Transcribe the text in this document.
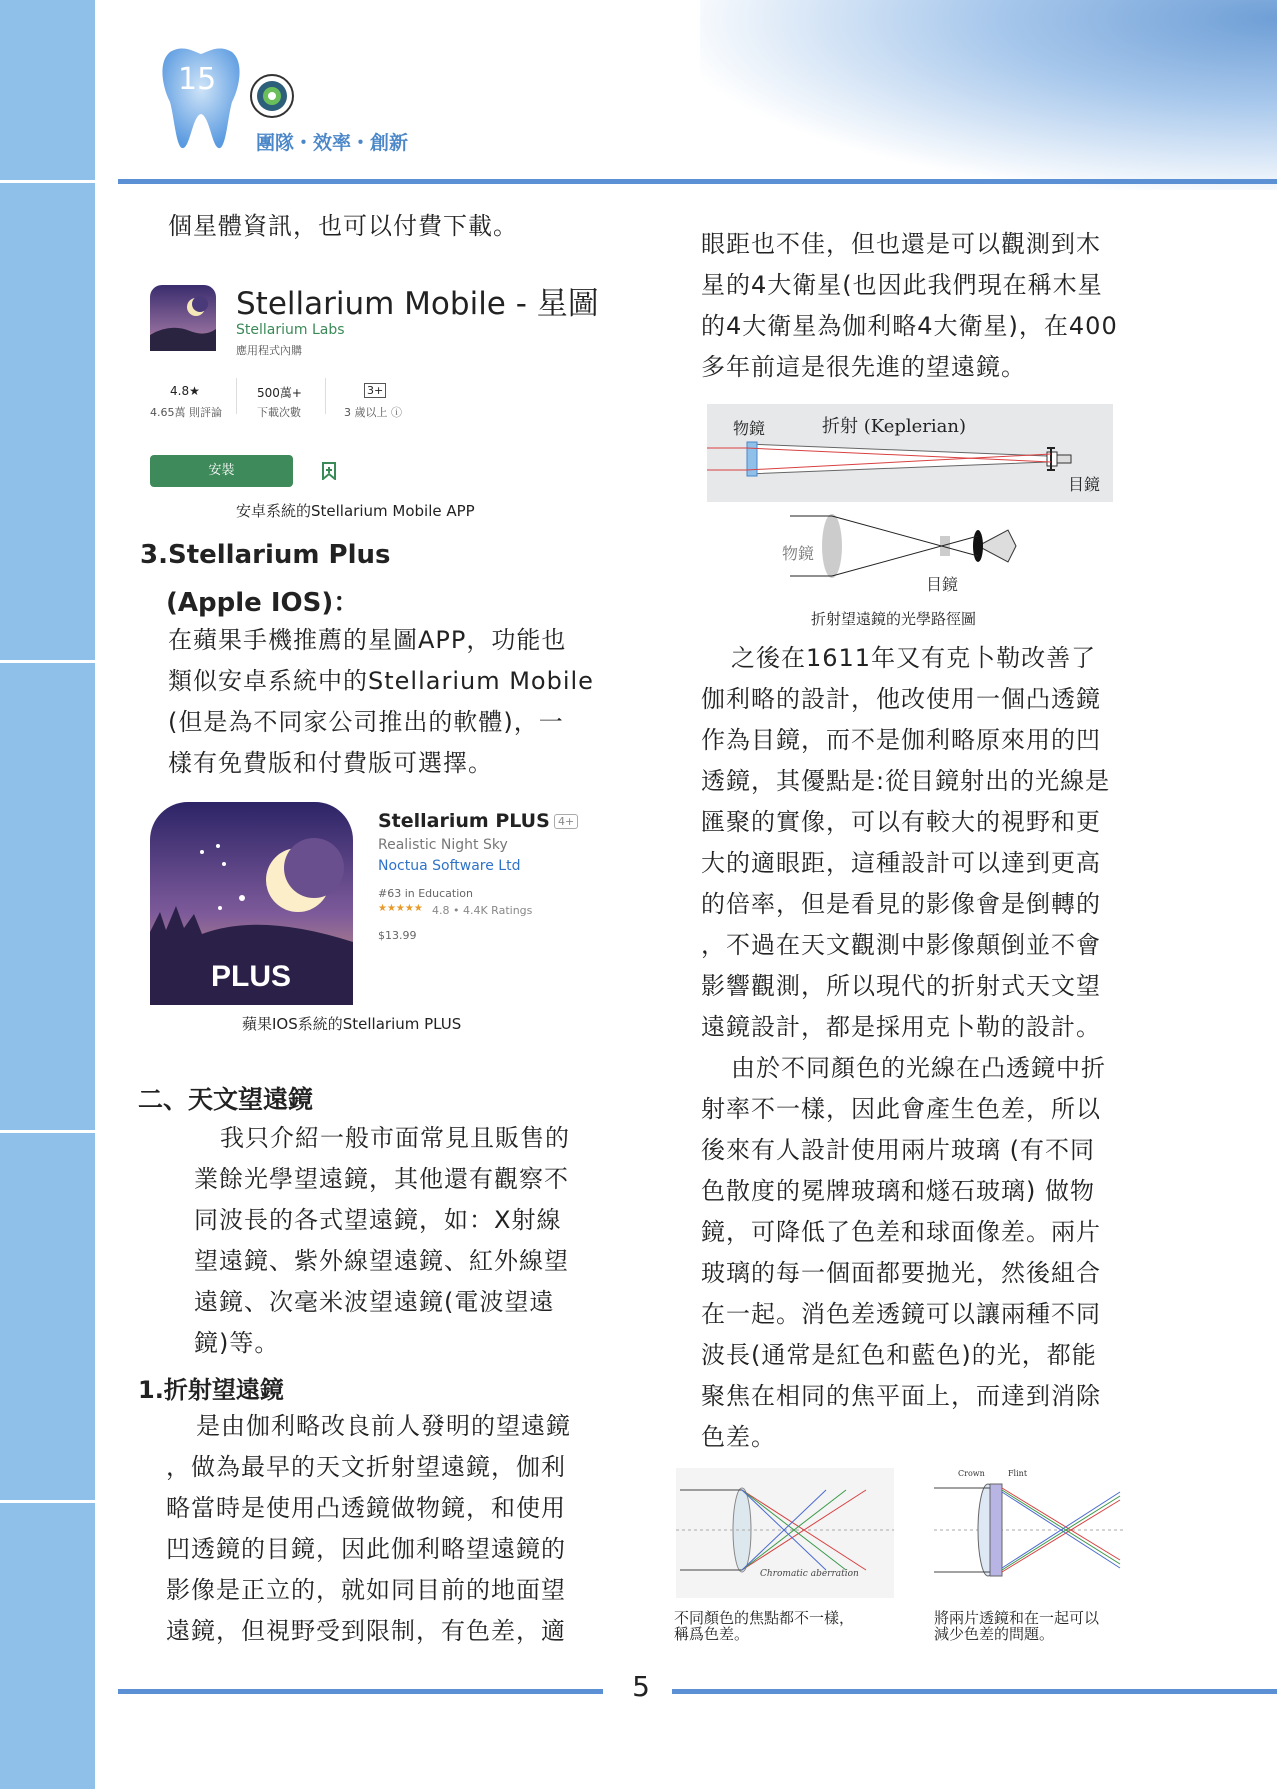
15
團隊・效率・創新
個星體資訊，也可以付費下載。
Stellarium Mobile - 星圖
Stellarium Labs
應用程式內購
4.8★
4.65萬 則評論
500萬+
下載次數
3+
3 歲以上 ⓘ
安裝
安卓系統的Stellarium Mobile APP
3.Stellarium Plus
(Apple IOS)：
在蘋果手機推薦的星圖APP，功能也
類似安卓系統中的Stellarium Mobile
(但是為不同家公司推出的軟體)，一
樣有免費版和付費版可選擇。
PLUS
Stellarium PLUS 4+
Realistic Night Sky
Noctua Software Ltd
#63 in Education
★★★★★ 4.8 • 4.4K Ratings
$13.99
蘋果IOS系統的Stellarium PLUS
二、天文望遠鏡
我只介紹一般市面常見且販售的
業餘光學望遠鏡，其他還有觀察不
同波長的各式望遠鏡，如：X射線
望遠鏡、紫外線望遠鏡、紅外線望
遠鏡、次毫米波望遠鏡(電波望遠
鏡)等。
1.折射望遠鏡
是由伽利略改良前人發明的望遠鏡
，做為最早的天文折射望遠鏡，伽利
略當時是使用凸透鏡做物鏡，和使用
凹透鏡的目鏡，因此伽利略望遠鏡的
影像是正立的，就如同目前的地面望
遠鏡，但視野受到限制，有色差，適
眼距也不佳，但也還是可以觀測到木
星的4大衛星(也因此我們現在稱木星
的4大衛星為伽利略4大衛星)，在400
多年前這是很先進的望遠鏡。
物鏡	折射 (Keplerian)
目鏡
物鏡
目鏡
折射望遠鏡的光學路徑圖
之後在1611年又有克卜勒改善了
伽利略的設計，他改使用一個凸透鏡
作為目鏡，而不是伽利略原來用的凹
透鏡，其優點是:從目鏡射出的光線是
匯聚的實像，可以有較大的視野和更
大的適眼距，這種設計可以達到更高
的倍率，但是看見的影像會是倒轉的
，不過在天文觀測中影像顛倒並不會
影響觀測，所以現代的折射式天文望
遠鏡設計，都是採用克卜勒的設計。
由於不同顏色的光線在凸透鏡中折
射率不一樣，因此會產生色差，所以
後來有人設計使用兩片玻璃 (有不同
色散度的冕牌玻璃和燧石玻璃) 做物
鏡，可降低了色差和球面像差。兩片
玻璃的每一個面都要拋光，然後組合
在一起。消色差透鏡可以讓兩種不同
波長(通常是紅色和藍色)的光，都能
聚焦在相同的焦平面上，而達到消除
色差。
Chromatic aberration
不同顏色的焦點都不一樣，
稱爲色差。
Crown	Flint
將兩片透鏡和在一起可以
減少色差的問題。
5
